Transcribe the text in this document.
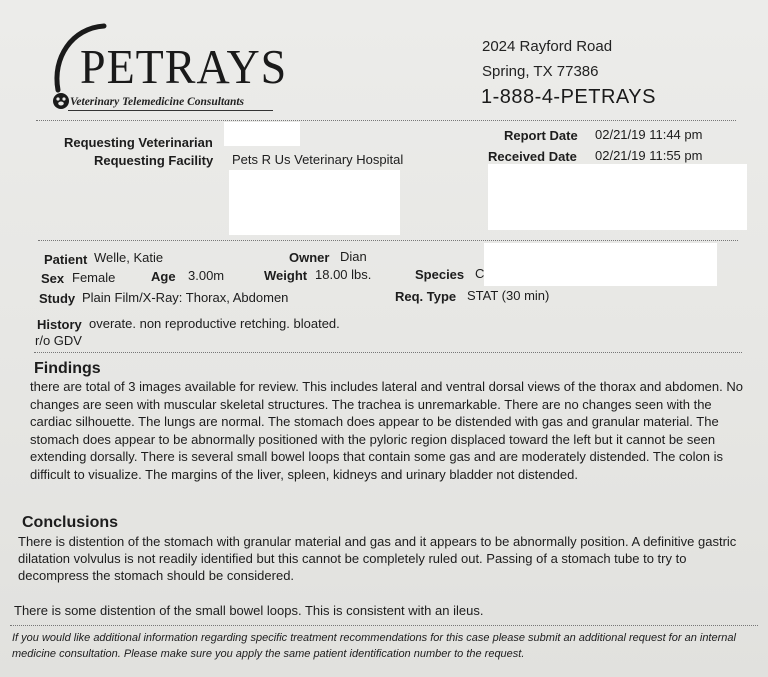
PETRAYS
Veterinary Telemedicine Consultants
2024 Rayford Road
Spring, TX 77386
1-888-4-PETRAYS
Requesting Veterinarian
Requesting Facility Pets R Us Veterinary Hospital
Report Date 02/21/19 11:44 pm
Received Date 02/21/19 11:55 pm
Patient Welle, Katie	Owner Dian
Sex Female	Age 3.00m	Weight 18.00 lbs.	Species C
Study Plain Film/X-Ray: Thorax, Abdomen	Req. Type STAT (30 min)
History overate. non reproductive retching. bloated.
r/o GDV
Findings
there are total of 3 images available for review. This includes lateral and ventral dorsal views of the thorax and abdomen. No changes are seen with muscular skeletal structures. The trachea is unremarkable. There are no changes seen with the cardiac silhouette. The lungs are normal. The stomach does appear to be distended with gas and granular material. The stomach does appear to be abnormally positioned with the pyloric region displaced toward the left but it cannot be seen extending dorsally. There is several small bowel loops that contain some gas and are moderately distended. The colon is difficult to visualize. The margins of the liver, spleen, kidneys and urinary bladder not distended.
Conclusions
There is distention of the stomach with granular material and gas and it appears to be abnormally position. A definitive gastric dilatation volvulus is not readily identified but this cannot be completely ruled out. Passing of a stomach tube to try to decompress the stomach should be considered.
There is some distention of the small bowel loops. This is consistent with an ileus.
If you would like additional information regarding specific treatment recommendations for this case please submit an additional request for an internal medicine consultation. Please make sure you apply the same patient identification number to the request.
